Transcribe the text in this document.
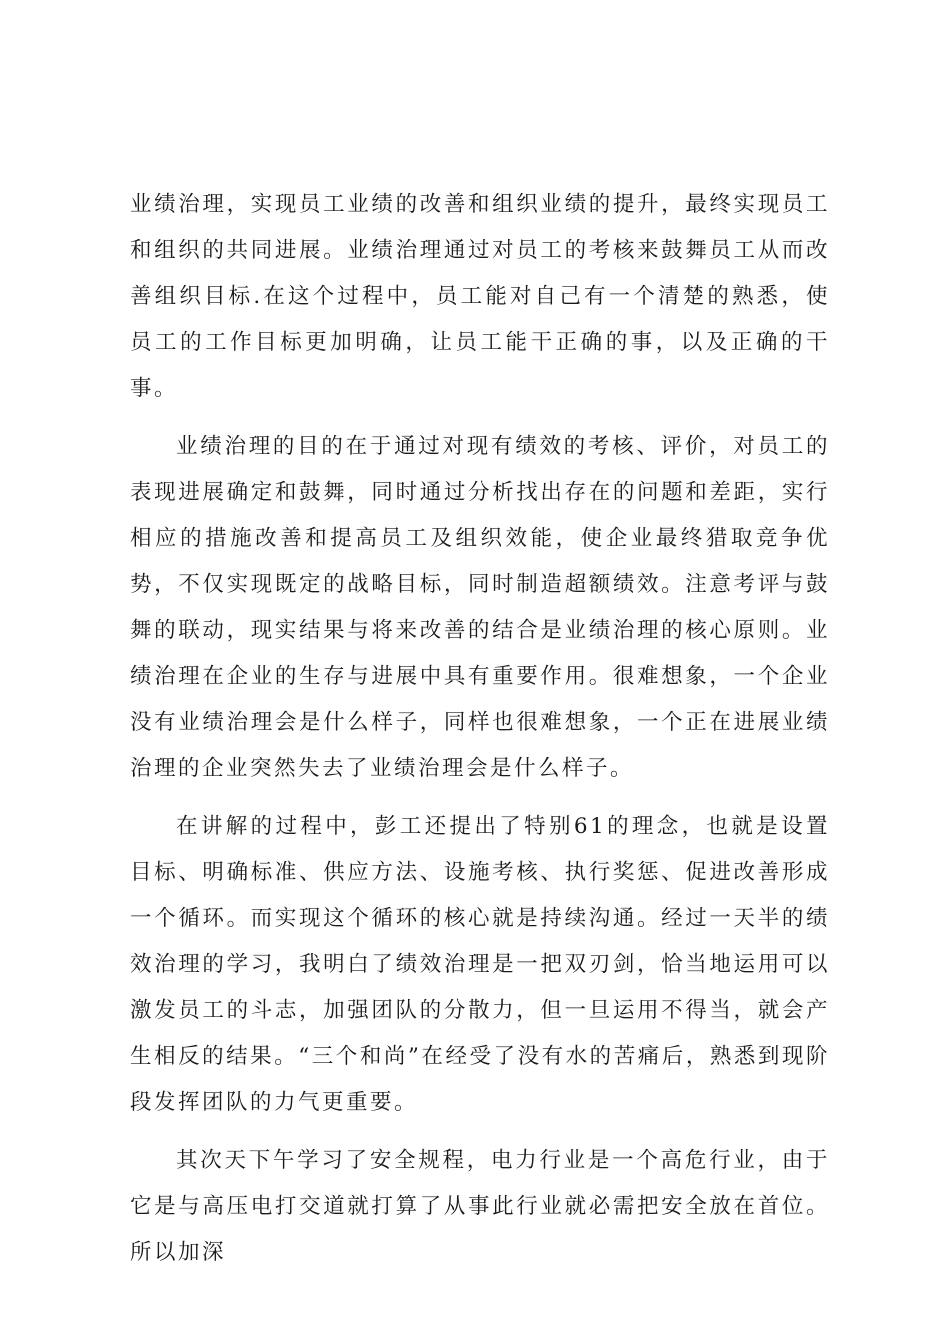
业绩治理，实现员工业绩的改善和组织业绩的提升，最终实现员工和组织的共同进展。业绩治理通过对员工的考核来鼓舞员工从而改善组织目标.在这个过程中，员工能对自己有一个清楚的熟悉，使员工的工作目标更加明确，让员工能干正确的事，以及正确的干事。

业绩治理的目的在于通过对现有绩效的考核、评价，对员工的表现进展确定和鼓舞，同时通过分析找出存在的问题和差距，实行相应的措施改善和提高员工及组织效能，使企业最终猎取竞争优势，不仅实现既定的战略目标，同时制造超额绩效。注意考评与鼓舞的联动，现实结果与将来改善的结合是业绩治理的核心原则。业绩治理在企业的生存与进展中具有重要作用。很难想象，一个企业没有业绩治理会是什么样子，同样也很难想象，一个正在进展业绩治理的企业突然失去了业绩治理会是什么样子。

在讲解的过程中，彭工还提出了特别61的理念，也就是设置目标、明确标准、供应方法、设施考核、执行奖惩、促进改善形成一个循环。而实现这个循环的核心就是持续沟通。经过一天半的绩效治理的学习，我明白了绩效治理是一把双刃剑，恰当地运用可以激发员工的斗志，加强团队的分散力，但一旦运用不得当，就会产生相反的结果。“三个和尚”在经受了没有水的苦痛后，熟悉到现阶段发挥团队的力气更重要。

其次天下午学习了安全规程，电力行业是一个高危行业，由于它是与高压电打交道就打算了从事此行业就必需把安全放在首位。所以加深
